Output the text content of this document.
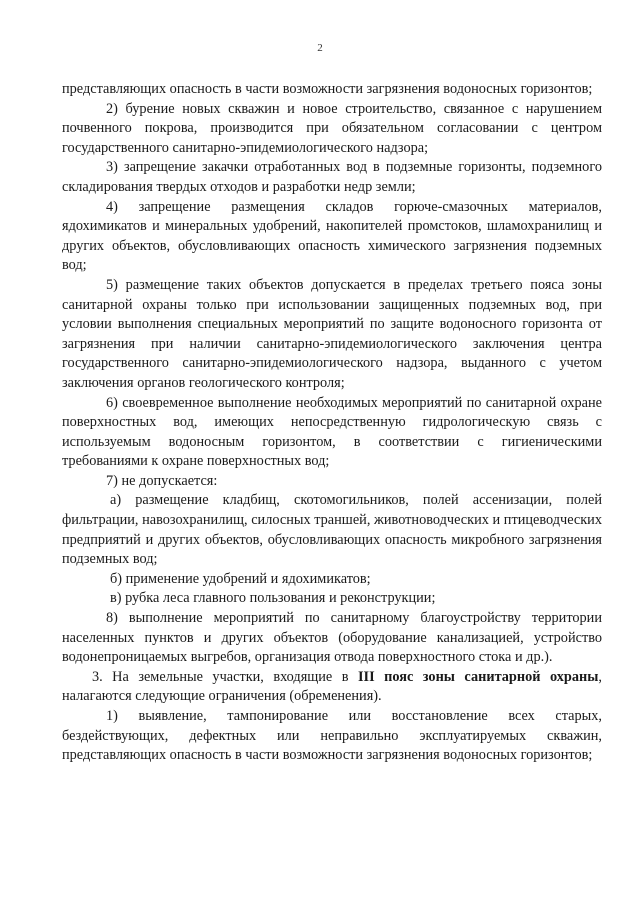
2

представляющих опасность в части возможности загрязнения водоносных горизонтов;

2) бурение новых скважин и новое строительство, связанное с нарушением почвенного покрова, производится при обязательном согласовании с центром государственного санитарно-эпидемиологического надзора;

3) запрещение закачки отработанных вод в подземные горизонты, подземного складирования твердых отходов и разработки недр земли;

4) запрещение размещения складов горюче-смазочных материалов, ядохимикатов и минеральных удобрений, накопителей промстоков, шламохранилищ и других объектов, обусловливающих опасность химического загрязнения подземных вод;

5) размещение таких объектов допускается в пределах третьего пояса зоны санитарной охраны только при использовании защищенных подземных вод, при условии выполнения специальных мероприятий по защите водоносного горизонта от загрязнения при наличии санитарно-эпидемиологического заключения центра государственного санитарно-эпидемиологического надзора, выданного с учетом заключения органов геологического контроля;

6) своевременное выполнение необходимых мероприятий по санитарной охране поверхностных вод, имеющих непосредственную гидрологическую связь с используемым водоносным горизонтом, в соответствии с гигиеническими требованиями к охране поверхностных вод;

7) не допускается:

а) размещение кладбищ, скотомогильников, полей ассенизации, полей фильтрации, навозохранилищ, силосных траншей, животноводческих и птицеводческих предприятий и других объектов, обусловливающих опасность микробного загрязнения подземных вод;

б) применение удобрений и ядохимикатов;

в) рубка леса главного пользования и реконструкции;

8) выполнение мероприятий по санитарному благоустройству территории населенных пунктов и других объектов (оборудование канализацией, устройство водонепроницаемых выгребов, организация отвода поверхностного стока и др.).

3. На земельные участки, входящие в III пояс зоны санитарной охраны, налагаются следующие ограничения (обременения).

1) выявление, тампонирование или восстановление всех старых, бездействующих, дефектных или неправильно эксплуатируемых скважин, представляющих опасность в части возможности загрязнения водоносных горизонтов;
